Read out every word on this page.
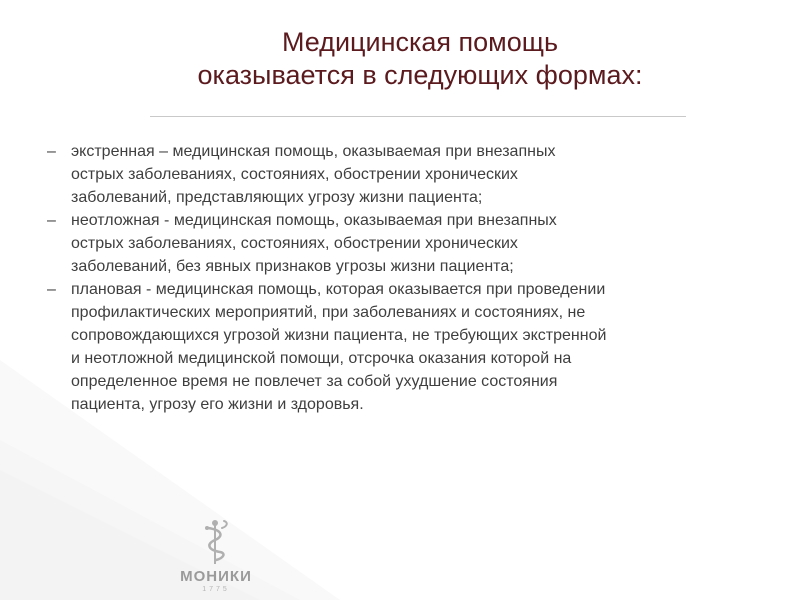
Медицинская помощь
оказывается в следующих формах:
– экстренная – медицинская помощь, оказываемая при внезапных
острых заболеваниях, состояниях, обострении хронических
заболеваний, представляющих угрозу жизни пациента;
– неотложная - медицинская помощь, оказываемая при внезапных
острых заболеваниях, состояниях, обострении хронических
заболеваний, без явных признаков угрозы жизни пациента;
– плановая - медицинская помощь, которая оказывается при проведении
профилактических мероприятий, при заболеваниях и состояниях, не
сопровождающихся угрозой жизни пациента, не требующих экстренной
и неотложной медицинской помощи, отсрочка оказания которой на
определенное время не повлечет за собой ухудшение состояния
пациента, угрозу его жизни и здоровья.
МОНИКИ
1775
